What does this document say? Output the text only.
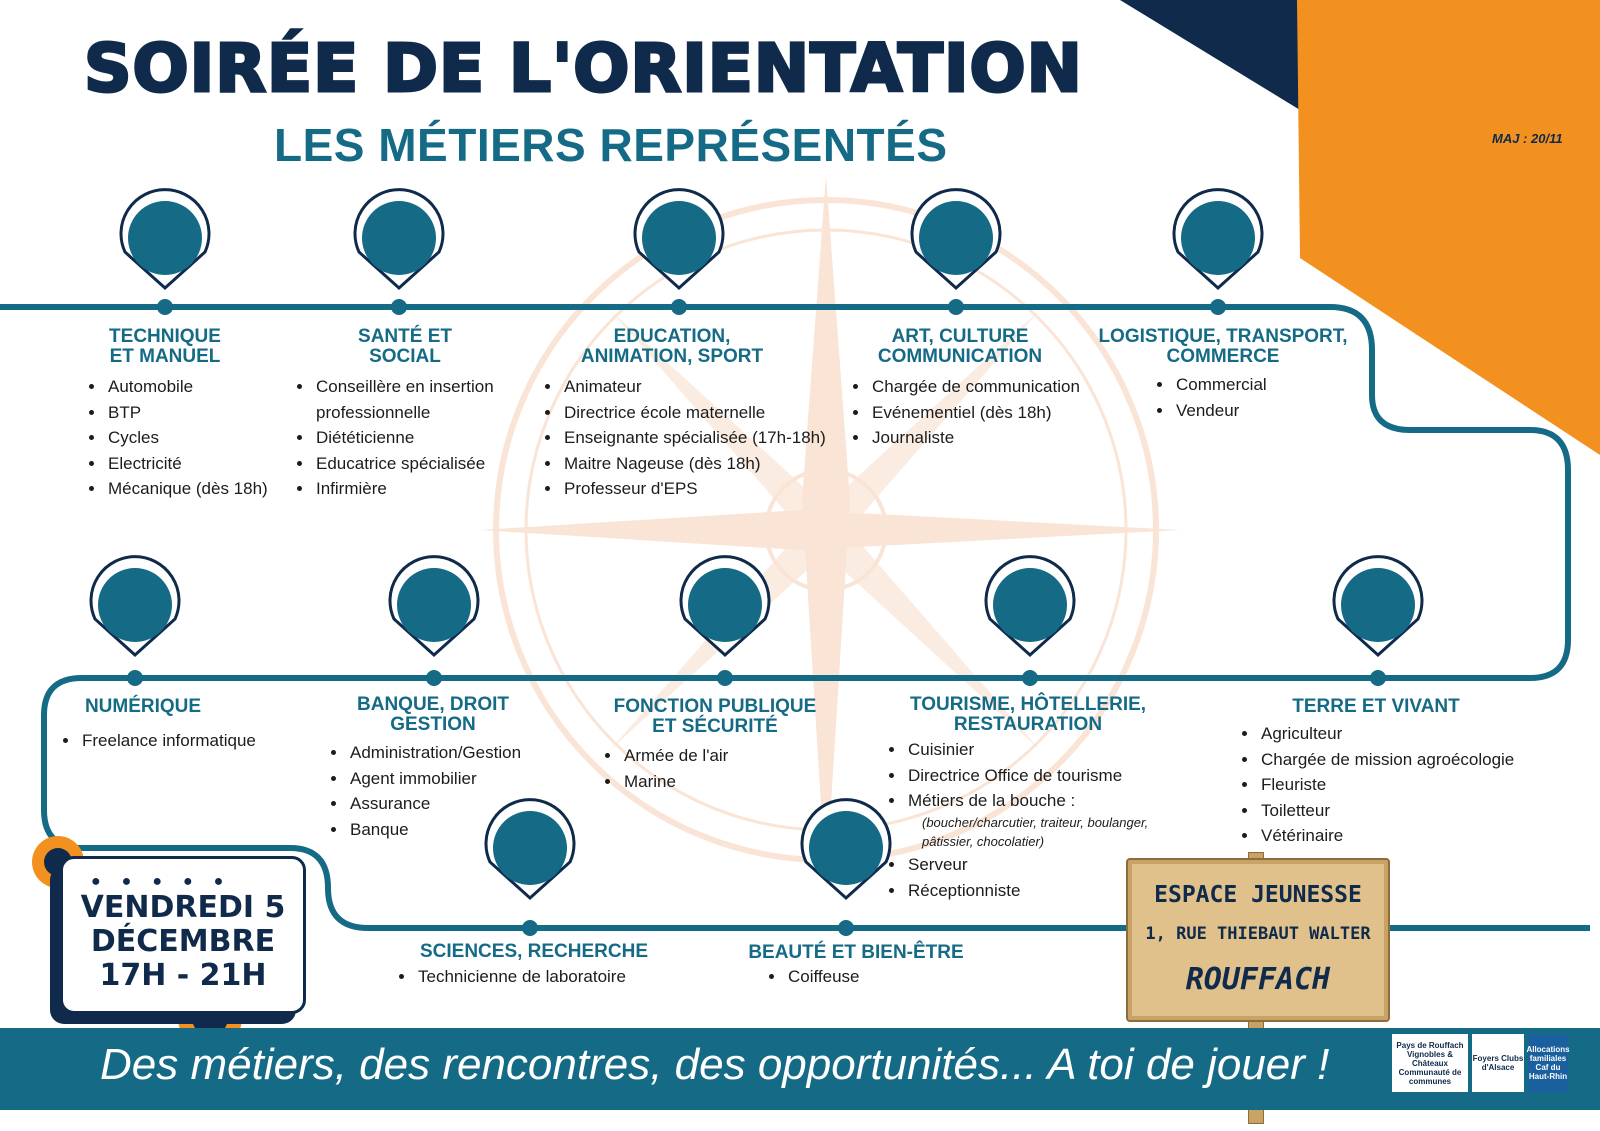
SOIRÉE DE L'ORIENTATION
LES MÉTIERS REPRÉSENTÉS	MAJ : 20/11
TECHNIQUE
ET MANUEL
• Automobile
• BTP
• Cycles
• Electricité
• Mécanique (dès 18h)
SANTÉ ET
SOCIAL
• Conseillère en insertion
professionnelle
• Diététicienne
• Educatrice spécialisée
• Infirmière
EDUCATION,
ANIMATION, SPORT
• Animateur
• Directrice école maternelle
• Enseignante spécialisée (17h-18h)
• Maitre Nageuse (dès 18h)
• Professeur d'EPS
ART, CULTURE
COMMUNICATION
• Chargée de communication
• Evénementiel (dès 18h)
• Journaliste
LOGISTIQUE, TRANSPORT,
COMMERCE
• Commercial
• Vendeur
NUMÉRIQUE
• Freelance informatique
BANQUE, DROIT
GESTION
• Administration/Gestion
• Agent immobilier
• Assurance
• Banque
FONCTION PUBLIQUE
ET SÉCURITÉ
• Armée de l'air
• Marine
TOURISME, HÔTELLERIE,
RESTAURATION
• Cuisinier
• Directrice Office de tourisme
• Métiers de la bouche :
(boucher/charcutier, traiteur, boulanger,
pâtissier, chocolatier)
• Serveur
• Réceptionniste
TERRE ET VIVANT
• Agriculteur
• Chargée de mission agroécologie
• Fleuriste
• Toiletteur
• Vétérinaire
SCIENCES, RECHERCHE
• Technicienne de laboratoire
BEAUTÉ ET BIEN-ÊTRE
• Coiffeuse
●●●●●
VENDREDI 5
DÉCEMBRE
17H - 21H
ESPACE JEUNESSE
1, RUE THIEBAUT WALTER
ROUFFACH
Des métiers, des rencontres, des opportunités... A toi de jouer !	Pays de Rouffach Vignobles & Châteaux Communauté de communes
Foyers Clubs d'Alsace
Allocations familiales Caf du Haut-Rhin
